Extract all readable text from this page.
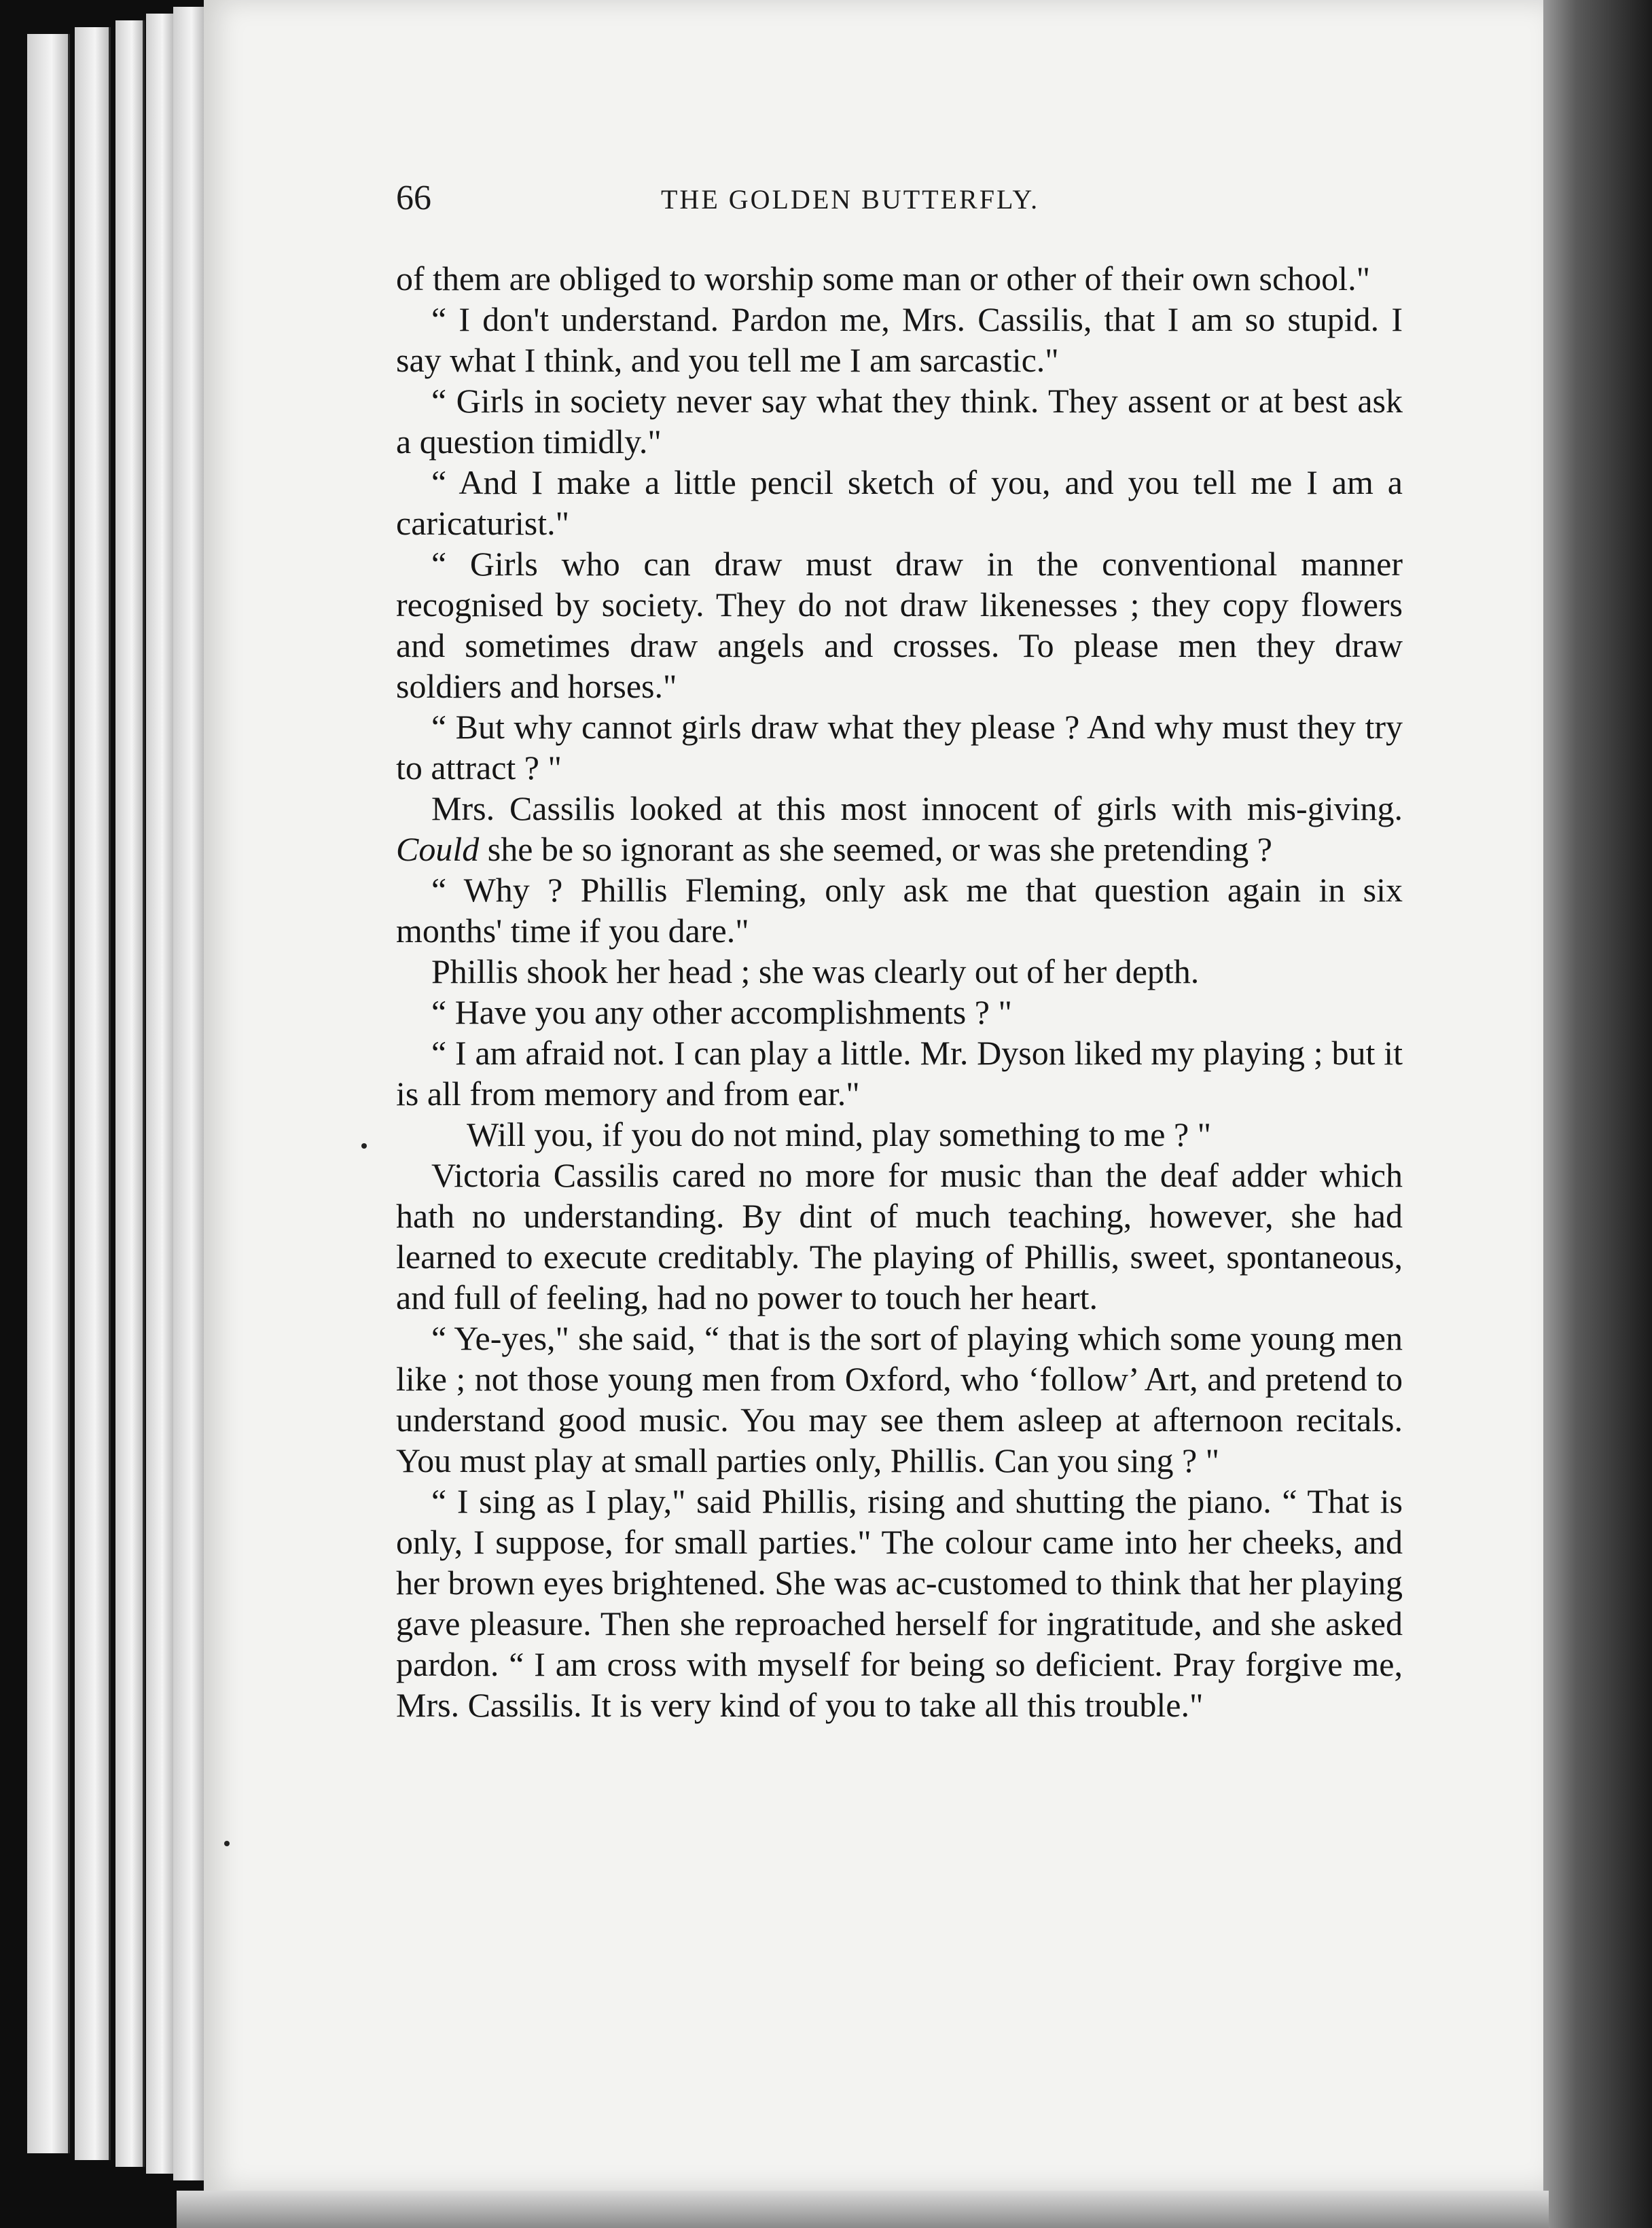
66	THE GOLDEN BUTTERFLY.

of them are obliged to worship some man or other of their own school."

“ I don't understand. Pardon me, Mrs. Cassilis, that I am so stupid. I say what I think, and you tell me I am sarcastic."

“ Girls in society never say what they think. They assent or at best ask a question timidly."

“ And I make a little pencil sketch of you, and you tell me I am a caricaturist."

“ Girls who can draw must draw in the conventional manner recognised by society. They do not draw likenesses ; they copy flowers and sometimes draw angels and crosses. To please men they draw soldiers and horses."

“ But why cannot girls draw what they please ? And why must they try to attract ? "

Mrs. Cassilis looked at this most innocent of girls with mis-giving. Could she be so ignorant as she seemed, or was she pretending ?

“ Why ? Phillis Fleming, only ask me that question again in six months' time if you dare."

Phillis shook her head ; she was clearly out of her depth.

“ Have you any other accomplishments ? "

“ I am afraid not. I can play a little. Mr. Dyson liked my playing ; but it is all from memory and from ear."

Will you, if you do not mind, play something to me ? "

Victoria Cassilis cared no more for music than the deaf adder which hath no understanding. By dint of much teaching, however, she had learned to execute creditably. The playing of Phillis, sweet, spontaneous, and full of feeling, had no power to touch her heart.

“ Ye-yes," she said, “ that is the sort of playing which some young men like ; not those young men from Oxford, who ‘follow’ Art, and pretend to understand good music. You may see them asleep at afternoon recitals. You must play at small parties only, Phillis. Can you sing ? "

“ I sing as I play," said Phillis, rising and shutting the piano. “ That is only, I suppose, for small parties." The colour came into her cheeks, and her brown eyes brightened. She was ac-customed to think that her playing gave pleasure. Then she reproached herself for ingratitude, and she asked pardon. “ I am cross with myself for being so deficient. Pray forgive me, Mrs. Cassilis. It is very kind of you to take all this trouble."
